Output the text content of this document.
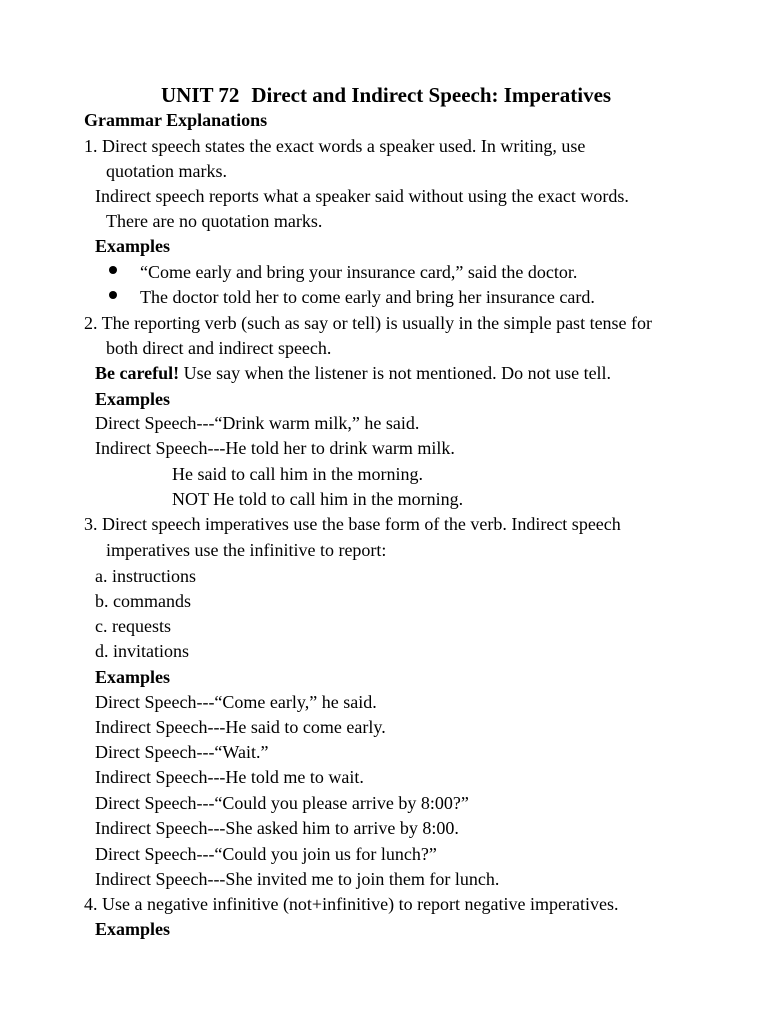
UNIT 72 Direct and Indirect Speech: Imperatives
Grammar Explanations
1. Direct speech states the exact words a speaker used. In writing, use
quotation marks.
Indirect speech reports what a speaker said without using the exact words.
There are no quotation marks.
Examples
“Come early and bring your insurance card,” said the doctor.
The doctor told her to come early and bring her insurance card.
2. The reporting verb (such as say or tell) is usually in the simple past tense for
both direct and indirect speech.
Be careful! Use say when the listener is not mentioned. Do not use tell.
Examples
Direct Speech---“Drink warm milk,” he said.
Indirect Speech---He told her to drink warm milk.
He said to call him in the morning.
NOT He told to call him in the morning.
3. Direct speech imperatives use the base form of the verb. Indirect speech
imperatives use the infinitive to report:
a. instructions
b. commands
c. requests
d. invitations
Examples
Direct Speech---“Come early,” he said.
Indirect Speech---He said to come early.
Direct Speech---“Wait.”
Indirect Speech---He told me to wait.
Direct Speech---“Could you please arrive by 8:00?”
Indirect Speech---She asked him to arrive by 8:00.
Direct Speech---“Could you join us for lunch?”
Indirect Speech---She invited me to join them for lunch.
4. Use a negative infinitive (not+infinitive) to report negative imperatives.
Examples
